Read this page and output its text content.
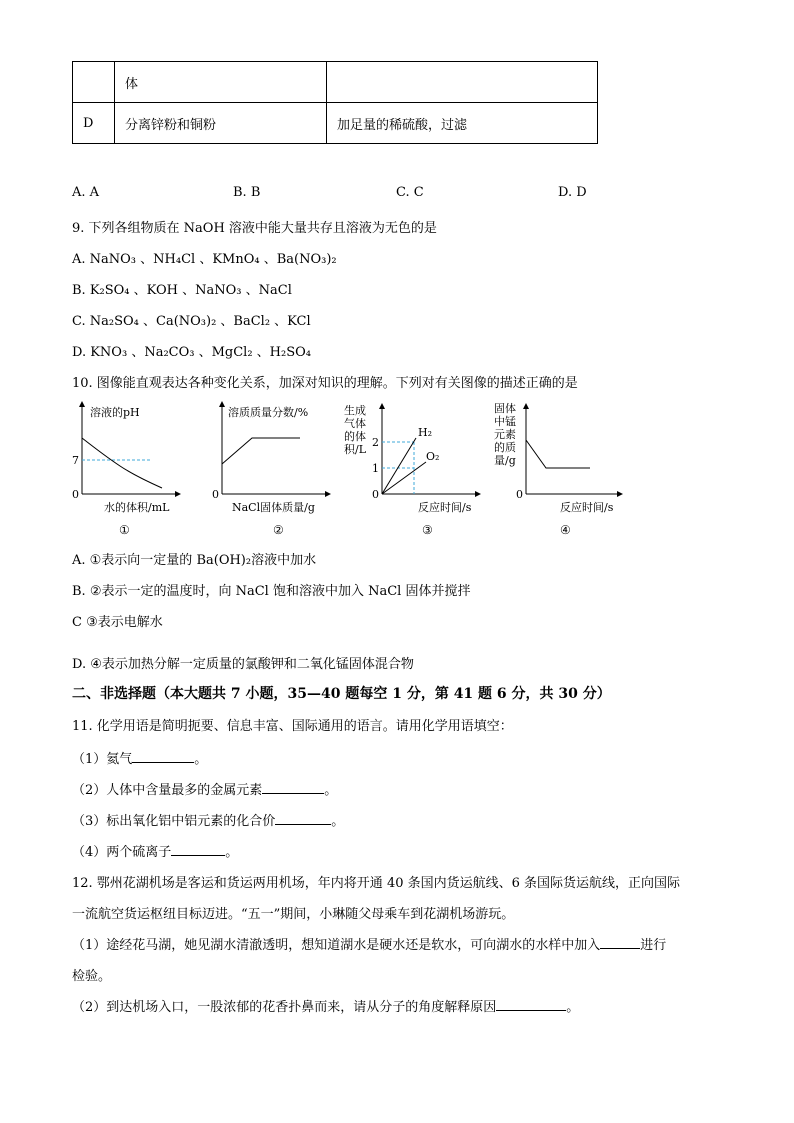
	体	
D	分离锌粉和铜粉	加足量的稀硫酸，过滤
A. A	B. B	C. C	D. D
9. 下列各组物质在 NaOH 溶液中能大量共存且溶液为无色的是
A. NaNO₃ 、NH₄Cl 、KMnO₄ 、Ba(NO₃)₂
B. K₂SO₄ 、KOH 、NaNO₃ 、NaCl
C. Na₂SO₄ 、Ca(NO₃)₂ 、BaCl₂ 、KCl
D. KNO₃ 、Na₂CO₃ 、MgCl₂ 、H₂SO₄
10. 图像能直观表达各种变化关系，加深对知识的理解。下列对有关图像的描述正确的是
溶液的pH
7
0
水的体积/mL
①
溶质质量分数/%
0
NaCl固体质量/g
②
生成
气体
的体
积/L
2
1
0
H₂
O₂
反应时间/s
③
固体
中锰
元素
的质
量/g
0
反应时间/s
④
A. ①表示向一定量的 Ba(OH)₂溶液中加水
B. ②表示一定的温度时，向 NaCl 饱和溶液中加入 NaCl 固体并搅拌
C ③表示电解水
D. ④表示加热分解一定质量的氯酸钾和二氧化锰固体混合物
二、非选择题（本大题共 7 小题，35—40 题每空 1 分，第 41 题 6 分，共 30 分）
11. 化学用语是简明扼要、信息丰富、国际通用的语言。请用化学用语填空：
（1）氦气	。
（2）人体中含量最多的金属元素	。
（3）标出氧化铝中铝元素的化合价	。
（4）两个硫离子	。
12. 鄂州花湖机场是客运和货运两用机场，年内将开通 40 条国内货运航线、6 条国际货运航线，正向国际
一流航空货运枢纽目标迈进。“五一”期间，小琳随父母乘车到花湖机场游玩。
（1）途经花马湖，她见湖水清澈透明，想知道湖水是硬水还是软水，可向湖水的水样中加入	进行
检验。
（2）到达机场入口，一股浓郁的花香扑鼻而来，请从分子的角度解释原因	。
